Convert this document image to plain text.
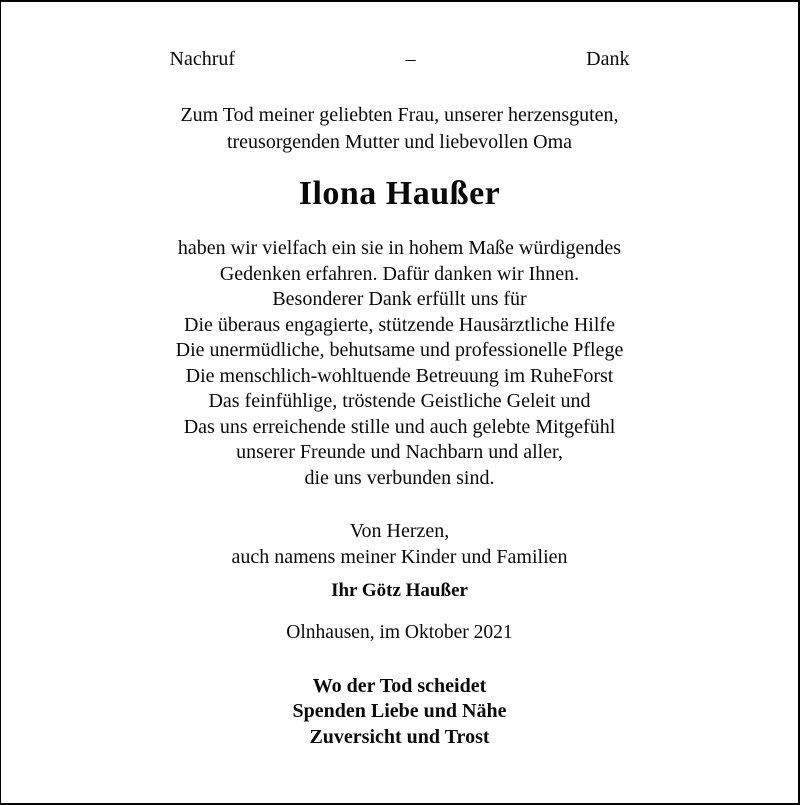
Nachruf	–	Dank
Zum Tod meiner geliebten Frau, unserer herzensguten,
treusorgenden Mutter und liebevollen Oma
Ilona Haußer
haben wir vielfach ein sie in hohem Maße würdigendes
Gedenken erfahren. Dafür danken wir Ihnen.
Besonderer Dank erfüllt uns für
Die überaus engagierte, stützende Hausärztliche Hilfe
Die unermüdliche, behutsame und professionelle Pflege
Die menschlich-wohltuende Betreuung im RuheForst
Das feinfühlige, tröstende Geistliche Geleit und
Das uns erreichende stille und auch gelebte Mitgefühl
unserer Freunde und Nachbarn und aller,
die uns verbunden sind.
Von Herzen,
auch namens meiner Kinder und Familien
Ihr Götz Haußer
Olnhausen, im Oktober 2021
Wo der Tod scheidet
Spenden Liebe und Nähe
Zuversicht und Trost
